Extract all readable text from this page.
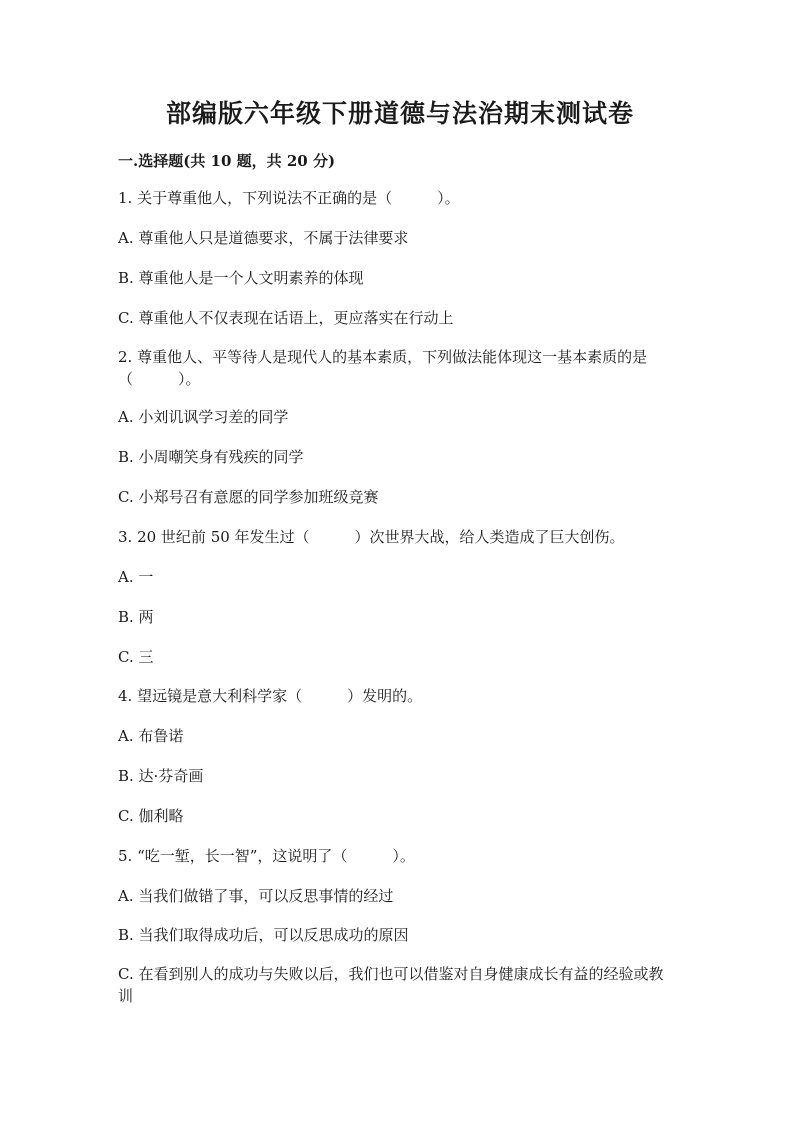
部编版六年级下册道德与法治期末测试卷
一.选择题(共 10 题，共 20 分)
1. 关于尊重他人，下列说法不正确的是（　　　）。
A. 尊重他人只是道德要求，不属于法律要求
B. 尊重他人是一个人文明素养的体现
C. 尊重他人不仅表现在话语上，更应落实在行动上
2. 尊重他人、平等待人是现代人的基本素质，下列做法能体现这一基本素质的是（　　　）。
A. 小刘讥讽学习差的同学
B. 小周嘲笑身有残疾的同学
C. 小郑号召有意愿的同学参加班级竞赛
3. 20 世纪前 50 年发生过（　　　）次世界大战，给人类造成了巨大创伤。
A. 一
B. 两
C. 三
4. 望远镜是意大利科学家（　　　）发明的。
A. 布鲁诺
B. 达·芬奇画
C. 伽利略
5. “吃一堑，长一智”，这说明了（　　　）。
A. 当我们做错了事，可以反思事情的经过
B. 当我们取得成功后，可以反思成功的原因
C. 在看到别人的成功与失败以后，我们也可以借鉴对自身健康成长有益的经验或教训
